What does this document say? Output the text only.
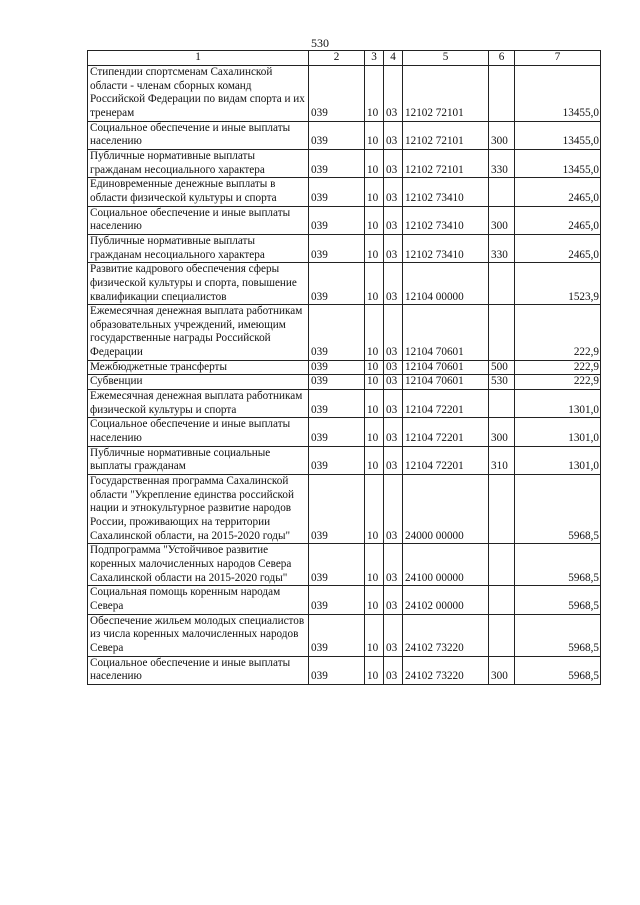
530
1	2	3	4	5	6	7
Стипендии спортсменам Сахалинской области - членам сборных команд Российской Федерации по видам спорта и их тренерам	039	10	03	12102 72101		13455,0
Социальное обеспечение и иные выплаты населению	039	10	03	12102 72101	300	13455,0
Публичные нормативные выплаты гражданам несоциального характера	039	10	03	12102 72101	330	13455,0
Единовременные денежные выплаты в области физической культуры и спорта	039	10	03	12102 73410		2465,0
Социальное обеспечение и иные выплаты населению	039	10	03	12102 73410	300	2465,0
Публичные нормативные выплаты гражданам несоциального характера	039	10	03	12102 73410	330	2465,0
Развитие кадрового обеспечения сферы физической культуры и спорта, повышение квалификации специалистов	039	10	03	12104 00000		1523,9
Ежемесячная денежная выплата работникам образовательных учреждений, имеющим государственные награды Российской Федерации	039	10	03	12104 70601		222,9
Межбюджетные трансферты	039	10	03	12104 70601	500	222,9
Субвенции	039	10	03	12104 70601	530	222,9
Ежемесячная денежная выплата работникам физической культуры и спорта	039	10	03	12104 72201		1301,0
Социальное обеспечение и иные выплаты населению	039	10	03	12104 72201	300	1301,0
Публичные нормативные социальные выплаты гражданам	039	10	03	12104 72201	310	1301,0
Государственная программа Сахалинской области "Укрепление единства российской нации и этнокультурное развитие народов России, проживающих на территории Сахалинской области, на 2015-2020 годы"	039	10	03	24000 00000		5968,5
Подпрограмма "Устойчивое развитие коренных малочисленных народов Севера Сахалинской области на 2015-2020 годы"	039	10	03	24100 00000		5968,5
Социальная помощь коренным народам Севера	039	10	03	24102 00000		5968,5
Обеспечение жильем молодых специалистов из числа коренных малочисленных народов Севера	039	10	03	24102 73220		5968,5
Социальное обеспечение и иные выплаты населению	039	10	03	24102 73220	300	5968,5
